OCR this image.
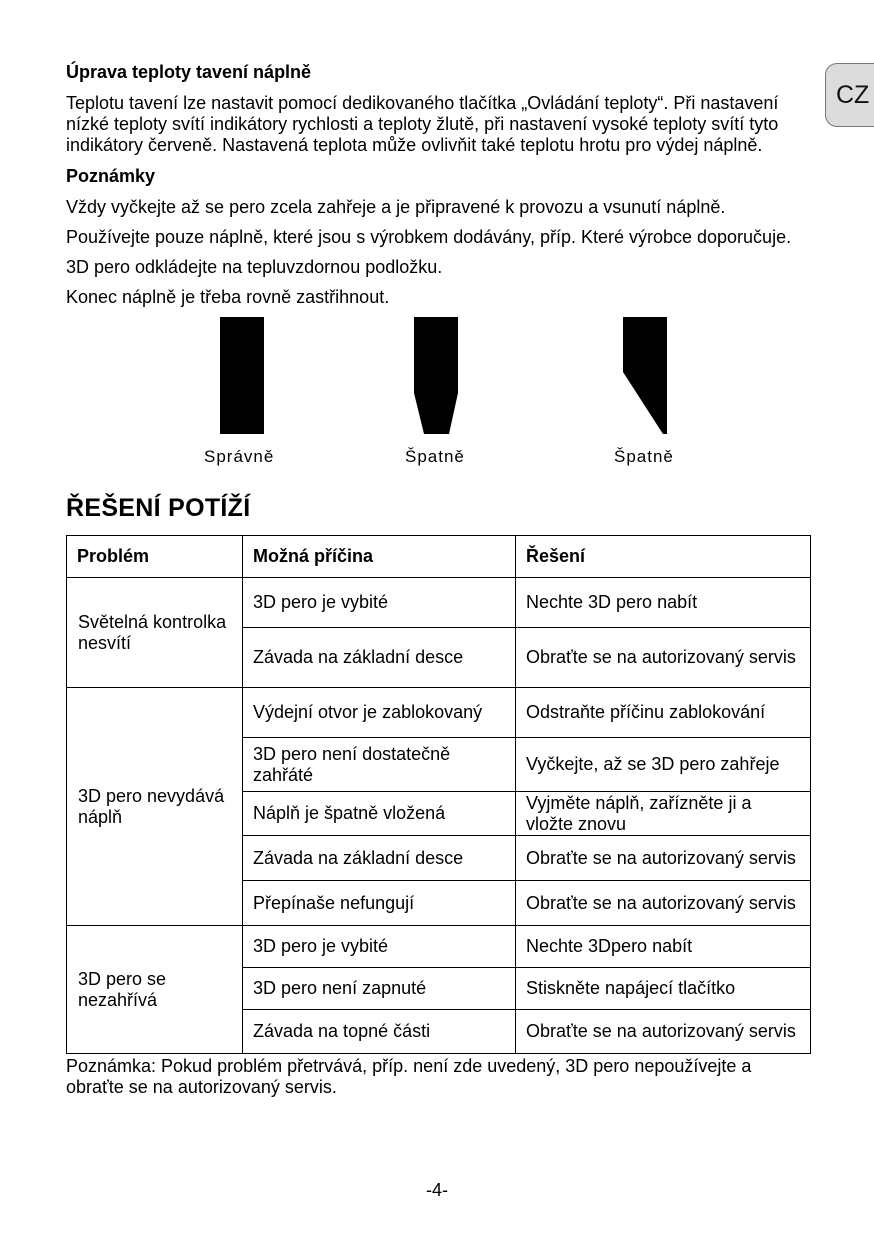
CZ
Úprava teploty tavení náplně
Teplotu tavení lze nastavit pomocí dedikovaného tlačítka „Ovládání teploty“. Při nastavení nízké teploty svítí indikátory rychlosti a teploty žlutě, při nastavení vysoké teploty svítí tyto indikátory červeně. Nastavená teplota může ovlivňit také teplotu hrotu pro výdej náplně.
Poznámky
Vždy vyčkejte až se pero zcela zahřeje a je připravené k provozu a vsunutí náplně.
Používejte pouze náplně, které jsou s výrobkem dodávány, příp. Které výrobce doporučuje.
3D pero odkládejte na tepluvzdornou podložku.
Konec náplně je třeba rovně zastřihnout.
Správně	Špatně	Špatně
ŘEŠENÍ POTÍŽÍ
Problém	Možná příčina	Řešení
Světelná kontrolka nesvítí	3D pero je vybité	Nechte 3D pero nabít
	Závada na základní desce	Obraťte se na autorizovaný servis
3D pero nevydává náplň	Výdejní otvor je zablokovaný	Odstraňte příčinu zablokování
	3D pero není dostatečně zahřáté	Vyčkejte, až se 3D pero zahřeje
	Náplň je špatně vložená	Vyjměte náplň, zařízněte ji a vložte znovu
	Závada na základní desce	Obraťte se na autorizovaný servis
	Přepínaše nefungují	Obraťte se na autorizovaný servis
3D pero se nezahřívá	3D pero je vybité	Nechte 3Dpero nabít
	3D pero není zapnuté	Stiskněte napájecí tlačítko
	Závada na topné části	Obraťte se na autorizovaný servis
Poznámka: Pokud problém přetrvává, příp. není zde uvedený, 3D pero nepoužívejte a obraťte se na autorizovaný servis.
-4-
